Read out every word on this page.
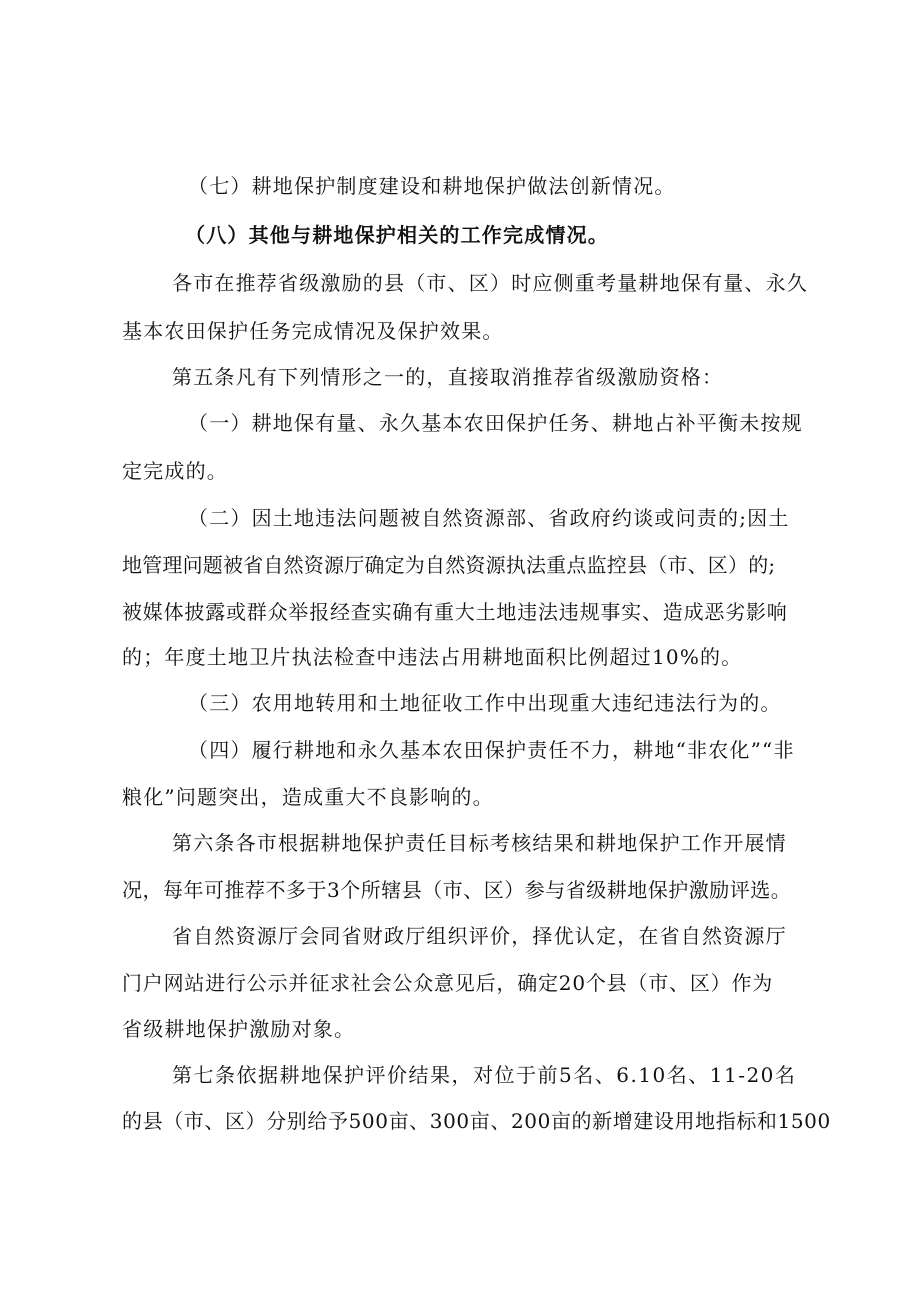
（七）耕地保护制度建设和耕地保护做法创新情况。
（八）其他与耕地保护相关的工作完成情况。
各市在推荐省级激励的县（市、区）时应侧重考量耕地保有量、永久
基本农田保护任务完成情况及保护效果。
第五条凡有下列情形之一的，直接取消推荐省级激励资格：
（一）耕地保有量、永久基本农田保护任务、耕地占补平衡未按规
定完成的。
（二）因土地违法问题被自然资源部、省政府约谈或问责的;因土
地管理问题被省自然资源厅确定为自然资源执法重点监控县（市、区）的;
被媒体披露或群众举报经查实确有重大土地违法违规事实、造成恶劣影响
的；年度土地卫片执法检查中违法占用耕地面积比例超过10%的。
（三）农用地转用和土地征收工作中出现重大违纪违法行为的。
（四）履行耕地和永久基本农田保护责任不力，耕地“非农化”“非
粮化”问题突出，造成重大不良影响的。
第六条各市根据耕地保护责任目标考核结果和耕地保护工作开展情
况，每年可推荐不多于3个所辖县（市、区）参与省级耕地保护激励评选。
省自然资源厅会同省财政厅组织评价，择优认定，在省自然资源厅
门户网站进行公示并征求社会公众意见后，确定20个县（市、区）作为
省级耕地保护激励对象。
第七条依据耕地保护评价结果，对位于前5名、6.10名、11-20名
的县（市、区）分别给予500亩、300亩、200亩的新增建设用地指标和1500
